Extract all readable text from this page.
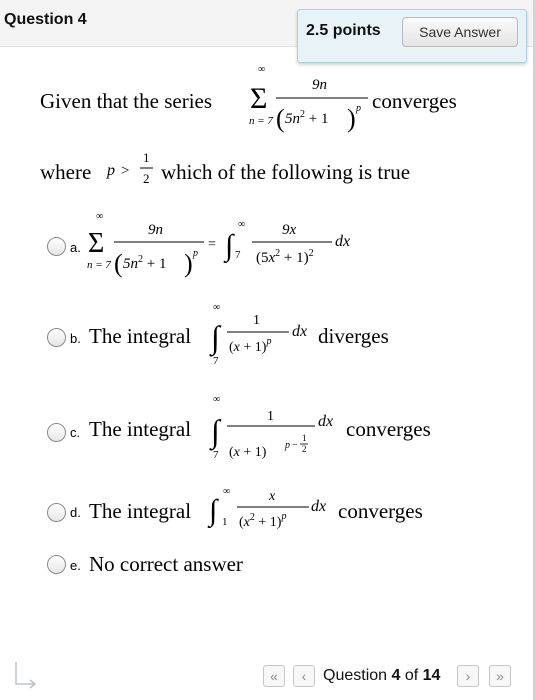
Question 4
2.5 points	Save Answer
Given that the series
∞
Σ
n = 7
9n
( $5n^2 + 1$ ) p converges
where p >
1
2 which of the following is true
a.
∞
Σ
n = 7
9n
( $5n^2 + 1$ ) p
= ∫
∞
7
9x
$(5x^2 + 1)^2$
dx
b. The integral
∞
∫
7
1
$(x + 1)^p$
dx diverges
c. The integral
∞
∫
7
1
(x + 1) p −
1
2
dx converges
d. The integral ∫
∞
1
x
$(x^2 + 1)^p$
dx converges
e. No correct answer
«	‹	Question 4 of 14	›	»
